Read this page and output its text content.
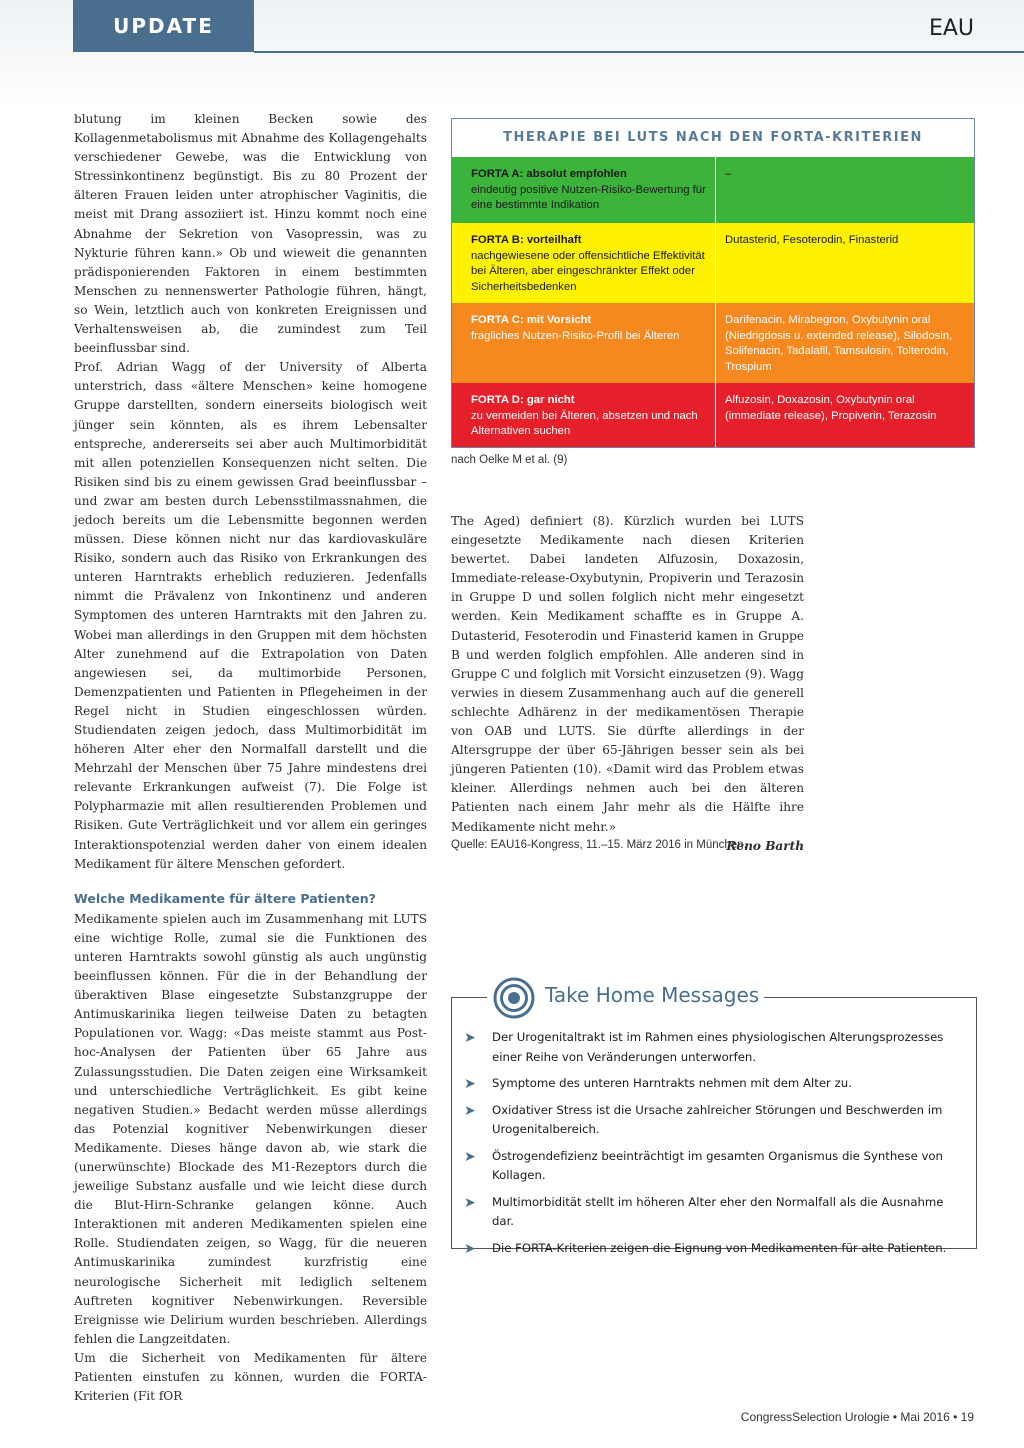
UPDATE	EAU

blutung im kleinen Becken sowie des Kollagenmetabolismus mit Abnahme des Kollagengehalts verschiedener Gewebe, was die Entwicklung von Stressinkontinenz begünstigt. Bis zu 80 Prozent der älteren Frauen leiden unter atrophischer Vaginitis, die meist mit Drang assoziiert ist. Hinzu kommt noch eine Abnahme der Sekretion von Vasopressin, was zu Nykturie führen kann.» Ob und wieweit die genannten prädisponierenden Faktoren in einem bestimmten Menschen zu nennenswerter Pathologie führen, hängt, so Wein, letztlich auch von konkreten Ereignissen und Verhaltensweisen ab, die zumindest zum Teil beeinflussbar sind.

Prof. Adrian Wagg of der University of Alberta unterstrich, dass «ältere Menschen» keine homogene Gruppe darstellten, sondern einerseits biologisch weit jünger sein könnten, als es ihrem Lebensalter entspreche, andererseits sei aber auch Multimorbidität mit allen potenziellen Konsequenzen nicht selten. Die Risiken sind bis zu einem gewissen Grad beeinflussbar – und zwar am besten durch Lebensstilmassnahmen, die jedoch bereits um die Lebensmitte begonnen werden müssen. Diese können nicht nur das kardiovaskuläre Risiko, sondern auch das Risiko von Erkrankungen des unteren Harntrakts erheblich reduzieren. Jedenfalls nimmt die Prävalenz von Inkontinenz und anderen Symptomen des unteren Harntrakts mit den Jahren zu. Wobei man allerdings in den Gruppen mit dem höchsten Alter zunehmend auf die Extrapolation von Daten angewiesen sei, da multimorbide Personen, Demenzpatienten und Patienten in Pflegeheimen in der Regel nicht in Studien eingeschlossen würden. Studiendaten zeigen jedoch, dass Multimorbidität im höheren Alter eher den Normalfall darstellt und die Mehrzahl der Menschen über 75 Jahre mindestens drei relevante Erkrankungen aufweist (7). Die Folge ist Polypharmazie mit allen resultierenden Problemen und Risiken. Gute Verträglichkeit und vor allem ein geringes Interaktionspotenzial werden daher von einem idealen Medikament für ältere Menschen gefordert.

Welche Medikamente für ältere Patienten?

Medikamente spielen auch im Zusammenhang mit LUTS eine wichtige Rolle, zumal sie die Funktionen des unteren Harntrakts sowohl günstig als auch ungünstig beeinflussen können. Für die in der Behandlung der überaktiven Blase eingesetzte Substanzgruppe der Antimuskarinika liegen teilweise Daten zu betagten Populationen vor. Wagg: «Das meiste stammt aus Post-hoc-Analysen der Patienten über 65 Jahre aus Zulassungsstudien. Die Daten zeigen eine Wirksamkeit und unterschiedliche Verträglichkeit. Es gibt keine negativen Studien.» Bedacht werden müsse allerdings das Potenzial kognitiver Nebenwirkungen dieser Medikamente. Dieses hänge davon ab, wie stark die (unerwünschte) Blockade des M1-Rezeptors durch die jeweilige Substanz ausfalle und wie leicht diese durch die Blut-Hirn-Schranke gelangen könne. Auch Interaktionen mit anderen Medikamenten spielen eine Rolle. Studiendaten zeigen, so Wagg, für die neueren Antimuskarinika zumindest kurzfristig eine neurologische Sicherheit mit lediglich seltenem Auftreten kognitiver Nebenwirkungen. Reversible Ereignisse wie Delirium wurden beschrieben. Allerdings fehlen die Langzeitdaten.

Um die Sicherheit von Medikamenten für ältere Patienten einstufen zu können, wurden die FORTA-Kriterien (Fit fOR

THERAPIE BEI LUTS NACH DEN FORTA-KRITERIEN
FORTA A: absolut empfohlen
eindeutig positive Nutzen-Risiko-Bewertung für eine bestimmte Indikation
–
FORTA B: vorteilhaft
nachgewiesene oder offensichtliche Effektivität bei Älteren, aber eingeschränkter Effekt oder Sicherheitsbedenken
Dutasterid, Fesoterodin, Finasterid
FORTA C: mit Vorsicht
fragliches Nutzen-Risiko-Profil bei Älteren
Darifenacin, Mirabegron, Oxybutynin oral (Niedrigdosis u. extended release), Silodosin, Solifenacin, Tadalafil, Tamsulosin, Tolterodin, Trospium
FORTA D: gar nicht
zu vermeiden bei Älteren, absetzen und nach Alternativen suchen
Alfuzosin, Doxazosin, Oxybutynin oral (immediate release), Propiverin, Terazosin
nach Oelke M et al. (9)

The Aged) definiert (8). Kürzlich wurden bei LUTS eingesetzte Medikamente nach diesen Kriterien bewertet. Dabei landeten Alfuzosin, Doxazosin, Immediate-release-Oxybutynin, Propiverin und Terazosin in Gruppe D und sollen folglich nicht mehr eingesetzt werden. Kein Medikament schaffte es in Gruppe A. Dutasterid, Fesoterodin und Finasterid kamen in Gruppe B und werden folglich empfohlen. Alle anderen sind in Gruppe C und folglich mit Vorsicht einzusetzen (9). Wagg verwies in diesem Zusammenhang auch auf die generell schlechte Adhärenz in der medikamentösen Therapie von OAB und LUTS. Sie dürfte allerdings in der Altersgruppe der über 65-Jährigen besser sein als bei jüngeren Patienten (10). «Damit wird das Problem etwas kleiner. Allerdings nehmen auch bei den älteren Patienten nach einem Jahr mehr als die Hälfte ihre Medikamente nicht mehr.»

Reno Barth
Quelle: EAU16-Kongress, 11.–15. März 2016 in München.
Take Home Messages
➤ Der Urogenitaltrakt ist im Rahmen eines physiologischen Alterungsprozesses einer Reihe von Veränderungen unterworfen.
➤ Symptome des unteren Harntrakts nehmen mit dem Alter zu.
➤ Oxidativer Stress ist die Ursache zahlreicher Störungen und Beschwerden im Urogenitalbereich.
➤ Östrogendefizienz beeinträchtigt im gesamten Organismus die Synthese von Kollagen.
➤ Multimorbidität stellt im höheren Alter eher den Normalfall als die Ausnahme dar.
➤ Die FORTA-Kriterien zeigen die Eignung von Medikamenten für alte Patienten.
CongressSelection Urologie • Mai 2016 • 19
